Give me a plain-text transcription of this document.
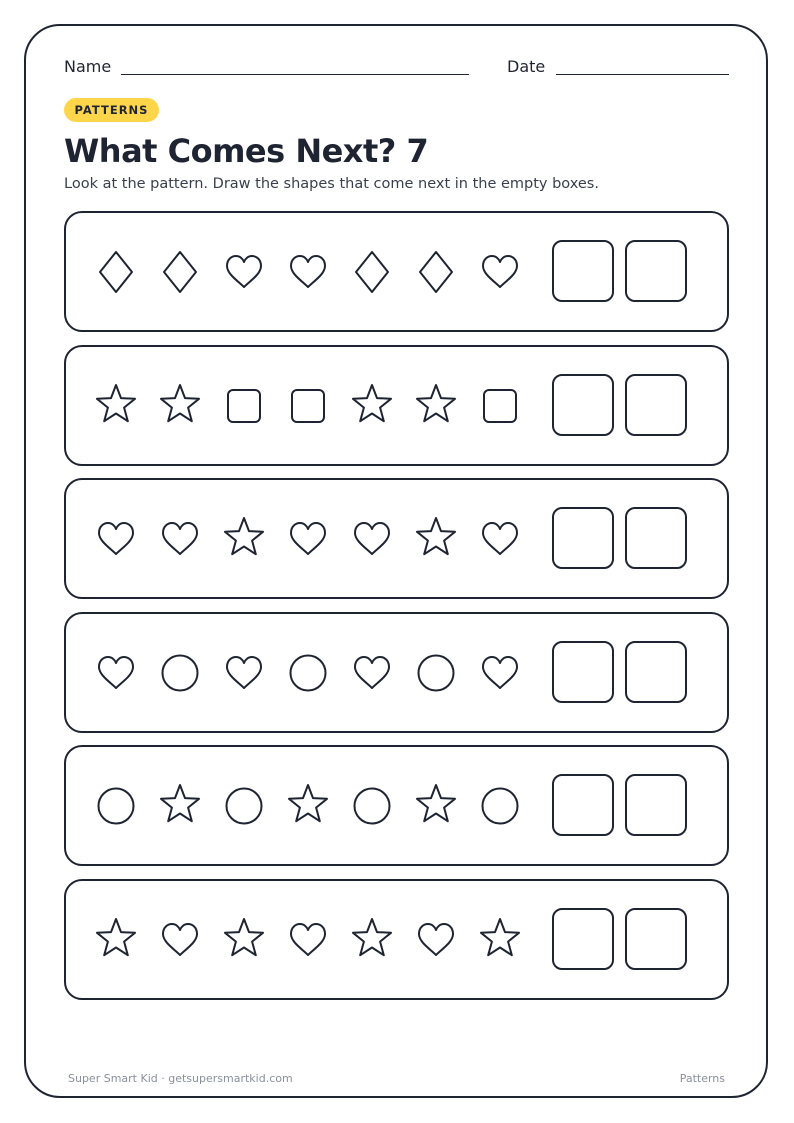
Name	Date
PATTERNS
What Comes Next? 7

Look at the pattern. Draw the shapes that come next in the empty boxes.

Super Smart Kid · getsupersmartkid.com	Patterns
